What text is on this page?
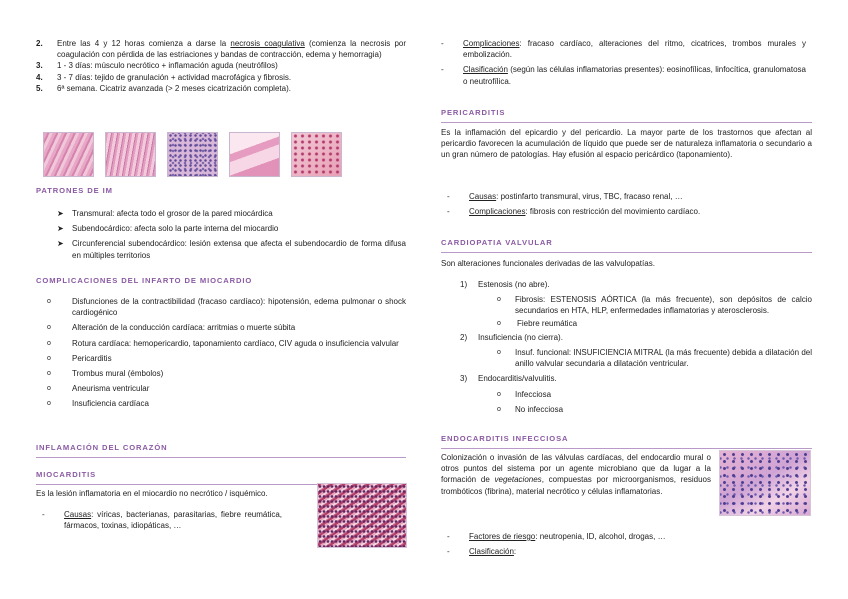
2. Entre las 4 y 12 horas comienza a darse la necrosis coagulativa (comienza la necrosis por coagulación con pérdida de las estriaciones y bandas de contracción, edema y hemorragia)
3. 1 - 3 días: músculo necrótico + inflamación aguda (neutrófilos)
4. 3 - 7 días: tejido de granulación + actividad macrofágica y fibrosis.
5. 6ª semana. Cicatriz avanzada (> 2 meses cicatrización completa).
PATRONES DE IM
➤ Transmural: afecta todo el grosor de la pared miocárdica
➤ Subendocárdico: afecta solo la parte interna del miocardio
➤ Circunferencial subendocárdico: lesión extensa que afecta el subendocardio de forma difusa en múltiples territorios
COMPLICACIONES DEL INFARTO DE MIOCARDIO
o	Disfunciones de la contractibilidad (fracaso cardíaco): hipotensión, edema pulmonar o shock cardiogénico
o	Alteración de la conducción cardíaca: arritmias o muerte súbita
o	Rotura cardíaca: hemopericardio, taponamiento cardíaco, CIV aguda o insuficiencia valvular
o	Pericarditis
o	Trombus mural (émbolos)
o	Aneurisma ventricular
o	Insuficiencia cardíaca
INFLAMACIÓN DEL CORAZÓN
MIOCARDITIS
Es la lesión inflamatoria en el miocardio no necrótico / isquémico.
- Causas: víricas, bacterianas, parasitarias, fiebre reumática, fármacos, toxinas, idiopáticas, …
- Complicaciones: fracaso cardíaco, alteraciones del ritmo, cicatrices, trombos murales y embolización.
- Clasificación (según las células inflamatorias presentes): eosinofílicas, linfocítica, granulomatosa o neutrofílica.
PERICARDITIS
Es la inflamación del epicardio y del pericardio. La mayor parte de los trastornos que afectan al pericardio favorecen la acumulación de líquido que puede ser de naturaleza inflamatoria o secundario a un gran número de patologías. Hay efusión al espacio pericárdico (taponamiento).
- Causas: postinfarto transmural, virus, TBC, fracaso renal, …
- Complicaciones: fibrosis con restricción del movimiento cardíaco.
CARDIOPATIA VALVULAR
Son alteraciones funcionales derivadas de las valvulopatías.
1) Estenosis (no abre).
o Fibrosis: ESTENOSIS AÓRTICA (la más frecuente), son depósitos de calcio secundarios en HTA, HLP, enfermedades inflamatorias y aterosclerosis.
o Fiebre reumática
2) Insuficiencia (no cierra).
o Insuf. funcional: INSUFICIENCIA MITRAL (la más frecuente) debida a dilatación del anillo valvular secundaria a dilatación ventricular.
3) Endocarditis/valvulitis.
o Infecciosa
o No infecciosa
ENDOCARDITIS INFECCIOSA
Colonización o invasión de las válvulas cardíacas, del endocardio mural o otros puntos del sistema por un agente microbiano que da lugar a la formación de vegetaciones, compuestas por microorganismos, residuos trombóticos (fibrina), material necrótico y células inflamatorias.
- Factores de riesgo: neutropenia, ID, alcohol, drogas, …
- Clasificación:
